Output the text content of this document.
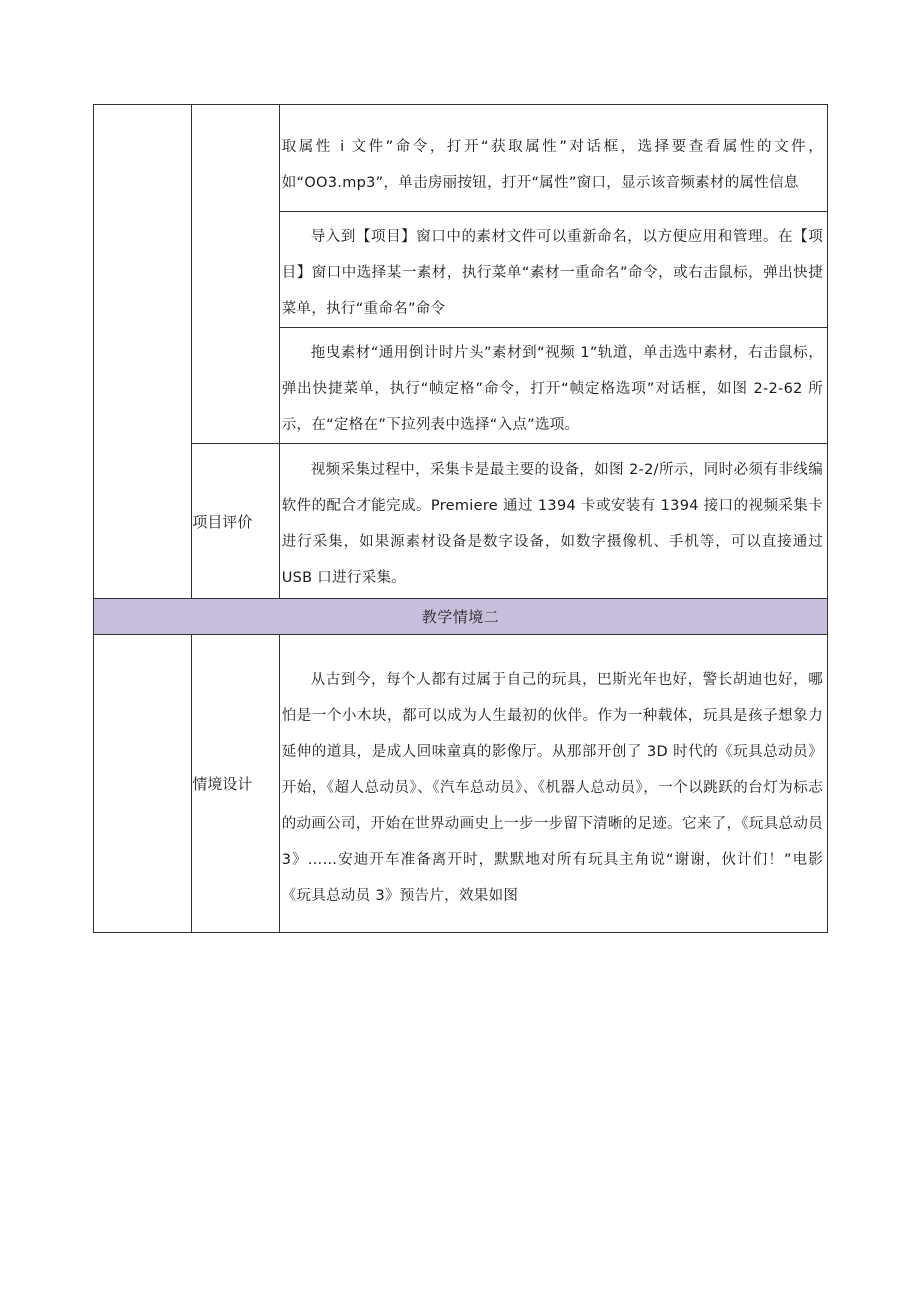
		取属性 i 文件”命令，打开“获取属性”对话框，选择要查看属性的文件，如“OO3.mp3”，单击房丽按钮，打开“属性”窗口，显示该音频素材的属性信息

		导入到【项目】窗口中的素材文件可以重新命名，以方便应用和管理。在【项目】窗口中选择某一素材，执行菜单“素材一重命名”命令，或右击鼠标，弹出快捷菜单，执行“重命名”命令

		拖曳素材“通用倒计时片头”素材到“视频 1”轨道，单击选中素材，右击鼠标，弹出快捷菜单，执行“帧定格”命令，打开“帧定格选项”对话框，如图 2-2-62 所示，在“定格在”下拉列表中选择“入点”选项。

	项目评价	视频采集过程中，采集卡是最主要的设备，如图 2-2/所示，同时必须有非线编软件的配合才能完成。Premiere 通过 1394 卡或安装有 1394 接口的视频采集卡进行采集，如果源素材设备是数字设备，如数字摄像机、手机等，可以直接通过 USB 口进行采集。

教学情境二		

	情境设计	从古到今，每个人都有过属于自己的玩具，巴斯光年也好，警长胡迪也好，哪怕是一个小木块，都可以成为人生最初的伙伴。作为一种载体，玩具是孩子想象力延伸的道具，是成人回味童真的影像厅。从那部开创了 3D 时代的《玩具总动员》开始，《超人总动员》、《汽车总动员》、《机器人总动员》，一个以跳跃的台灯为标志的动画公司，开始在世界动画史上一步一步留下清晰的足迹。它来了，《玩具总动员 3》……安迪开车准备离开时，默默地对所有玩具主角说“谢谢，伙计们！”电影《玩具总动员 3》预告片，效果如图
